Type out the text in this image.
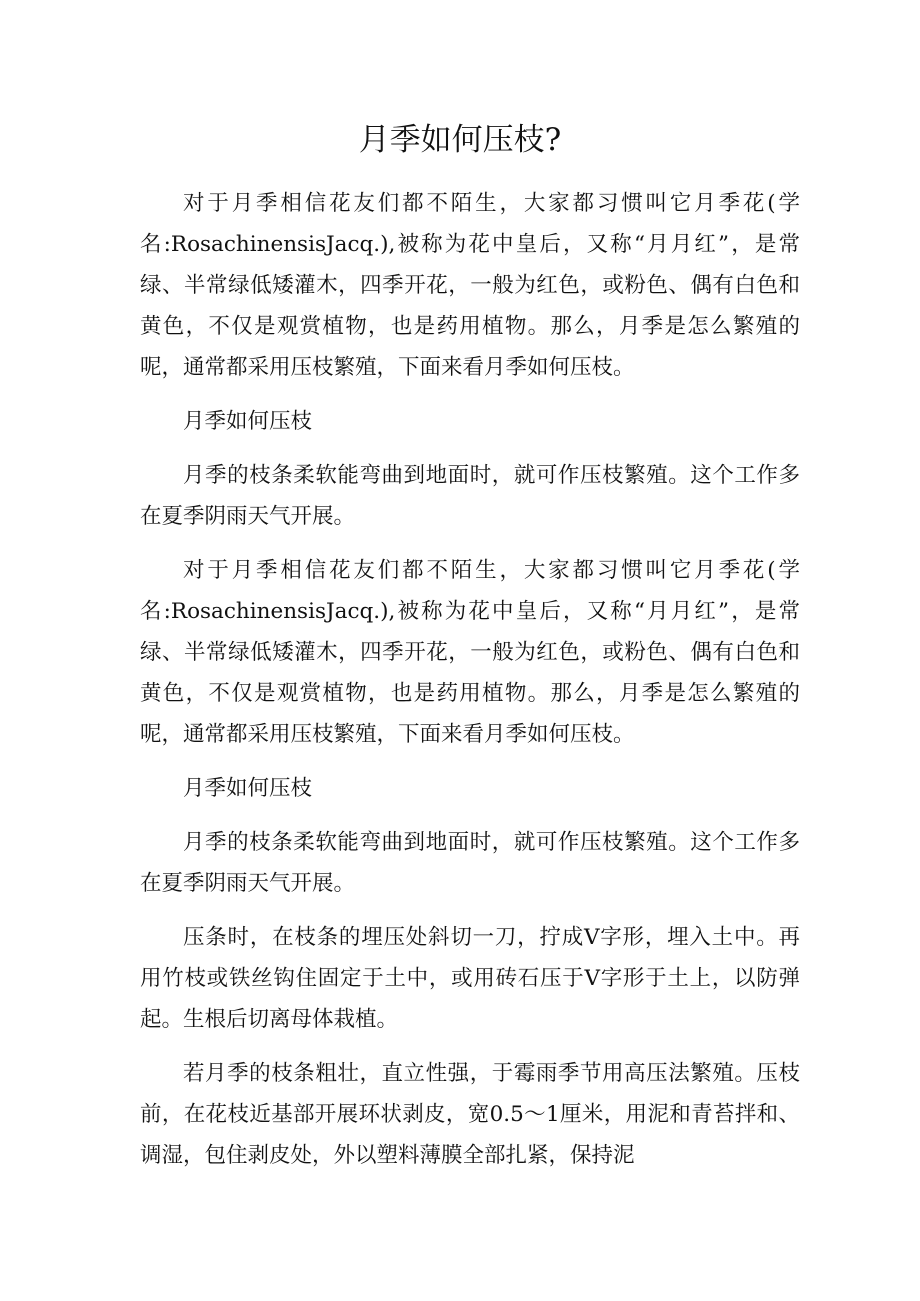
月季如何压枝?

对于月季相信花友们都不陌生，大家都习惯叫它月季花(学名:RosachinensisJacq.),被称为花中皇后，又称“月月红”，是常绿、半常绿低矮灌木，四季开花，一般为红色，或粉色、偶有白色和黄色，不仅是观赏植物，也是药用植物。那么，月季是怎么繁殖的呢，通常都采用压枝繁殖，下面来看月季如何压枝。

月季如何压枝

月季的枝条柔软能弯曲到地面时，就可作压枝繁殖。这个工作多在夏季阴雨天气开展。

对于月季相信花友们都不陌生，大家都习惯叫它月季花(学名:RosachinensisJacq.),被称为花中皇后，又称“月月红”，是常绿、半常绿低矮灌木，四季开花，一般为红色，或粉色、偶有白色和黄色，不仅是观赏植物，也是药用植物。那么，月季是怎么繁殖的呢，通常都采用压枝繁殖，下面来看月季如何压枝。

月季如何压枝

月季的枝条柔软能弯曲到地面时，就可作压枝繁殖。这个工作多在夏季阴雨天气开展。

压条时，在枝条的埋压处斜切一刀，拧成V字形，埋入土中。再用竹枝或铁丝钩住固定于土中，或用砖石压于V字形于土上，以防弹起。生根后切离母体栽植。

若月季的枝条粗壮，直立性强，于霉雨季节用高压法繁殖。压枝前，在花枝近基部开展环状剥皮，宽0.5～1厘米，用泥和青苔拌和、调湿，包住剥皮处，外以塑料薄膜全部扎紧，保持泥
